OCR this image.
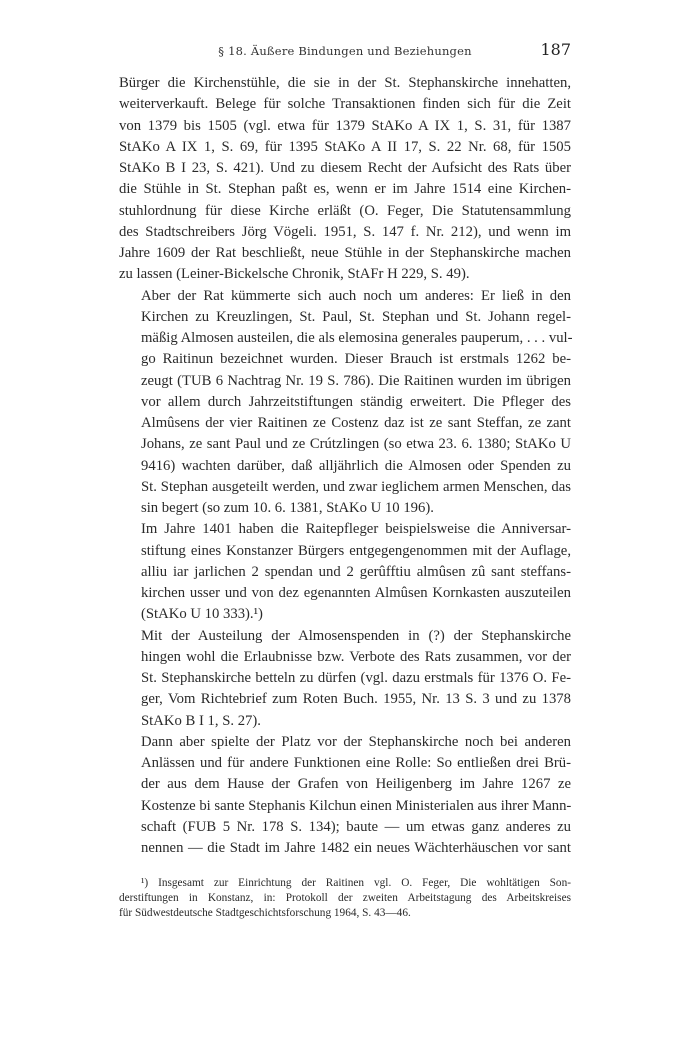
§ 18. Äußere Bindungen und Beziehungen	187
Bürger die Kirchenstühle, die sie in der St. Stephanskirche innehatten,
weiterverkauft. Belege für solche Transaktionen finden sich für die Zeit
von 1379 bis 1505 (vgl. etwa für 1379 StAKo A IX 1, S. 31, für 1387
StAKo A IX 1, S. 69, für 1395 StAKo A II 17, S. 22 Nr. 68, für 1505
StAKo B I 23, S. 421). Und zu diesem Recht der Aufsicht des Rats über
die Stühle in St. Stephan paßt es, wenn er im Jahre 1514 eine Kirchen-
stuhlordnung für diese Kirche erläßt (O. Feger, Die Statutensammlung
des Stadtschreibers Jörg Vögeli. 1951, S. 147 f. Nr. 212), und wenn im
Jahre 1609 der Rat beschließt, neue Stühle in der Stephanskirche machen
zu lassen (Leiner-Bickelsche Chronik, StAFr H 229, S. 49).
Aber der Rat kümmerte sich auch noch um anderes: Er ließ in den
Kirchen zu Kreuzlingen, St. Paul, St. Stephan und St. Johann regel-
mäßig Almosen austeilen, die als elemosina generales pauperum, . . . vul-
go Raitinun bezeichnet wurden. Dieser Brauch ist erstmals 1262 be-
zeugt (TUB 6 Nachtrag Nr. 19 S. 786). Die Raitinen wurden im übrigen
vor allem durch Jahrzeitstiftungen ständig erweitert. Die Pfleger des
Almûsens der vier Raitinen ze Costenz daz ist ze sant Steffan, ze zant
Johans, ze sant Paul und ze Crútzlingen (so etwa 23. 6. 1380; StAKo U
9416) wachten darüber, daß alljährlich die Almosen oder Spenden zu
St. Stephan ausgeteilt werden, und zwar ieglichem armen Menschen, das
sin begert (so zum 10. 6. 1381, StAKo U 10 196).
Im Jahre 1401 haben die Raitepfleger beispielsweise die Anniversar-
stiftung eines Konstanzer Bürgers entgegengenommen mit der Auflage,
alliu iar jarlichen 2 spendan und 2 gerûfftiu almûsen zû sant steffans-
kirchen usser und von dez egenannten Almûsen Kornkasten auszuteilen
(StAKo U 10 333).¹)
Mit der Austeilung der Almosenspenden in (?) der Stephanskirche
hingen wohl die Erlaubnisse bzw. Verbote des Rats zusammen, vor der
St. Stephanskirche betteln zu dürfen (vgl. dazu erstmals für 1376 O. Fe-
ger, Vom Richtebrief zum Roten Buch. 1955, Nr. 13 S. 3 und zu 1378
StAKo B I 1, S. 27).
Dann aber spielte der Platz vor der Stephanskirche noch bei anderen
Anlässen und für andere Funktionen eine Rolle: So entließen drei Brü-
der aus dem Hause der Grafen von Heiligenberg im Jahre 1267 ze
Kostenze bi sante Stephanis Kilchun einen Ministerialen aus ihrer Mann-
schaft (FUB 5 Nr. 178 S. 134); baute — um etwas ganz anderes zu
nennen — die Stadt im Jahre 1482 ein neues Wächterhäuschen vor sant
¹) Insgesamt zur Einrichtung der Raitinen vgl. O. Feger, Die wohltätigen Son-
derstiftungen in Konstanz, in: Protokoll der zweiten Arbeitstagung des Arbeitskreises
für Südwestdeutsche Stadtgeschichtsforschung 1964, S. 43—46.
